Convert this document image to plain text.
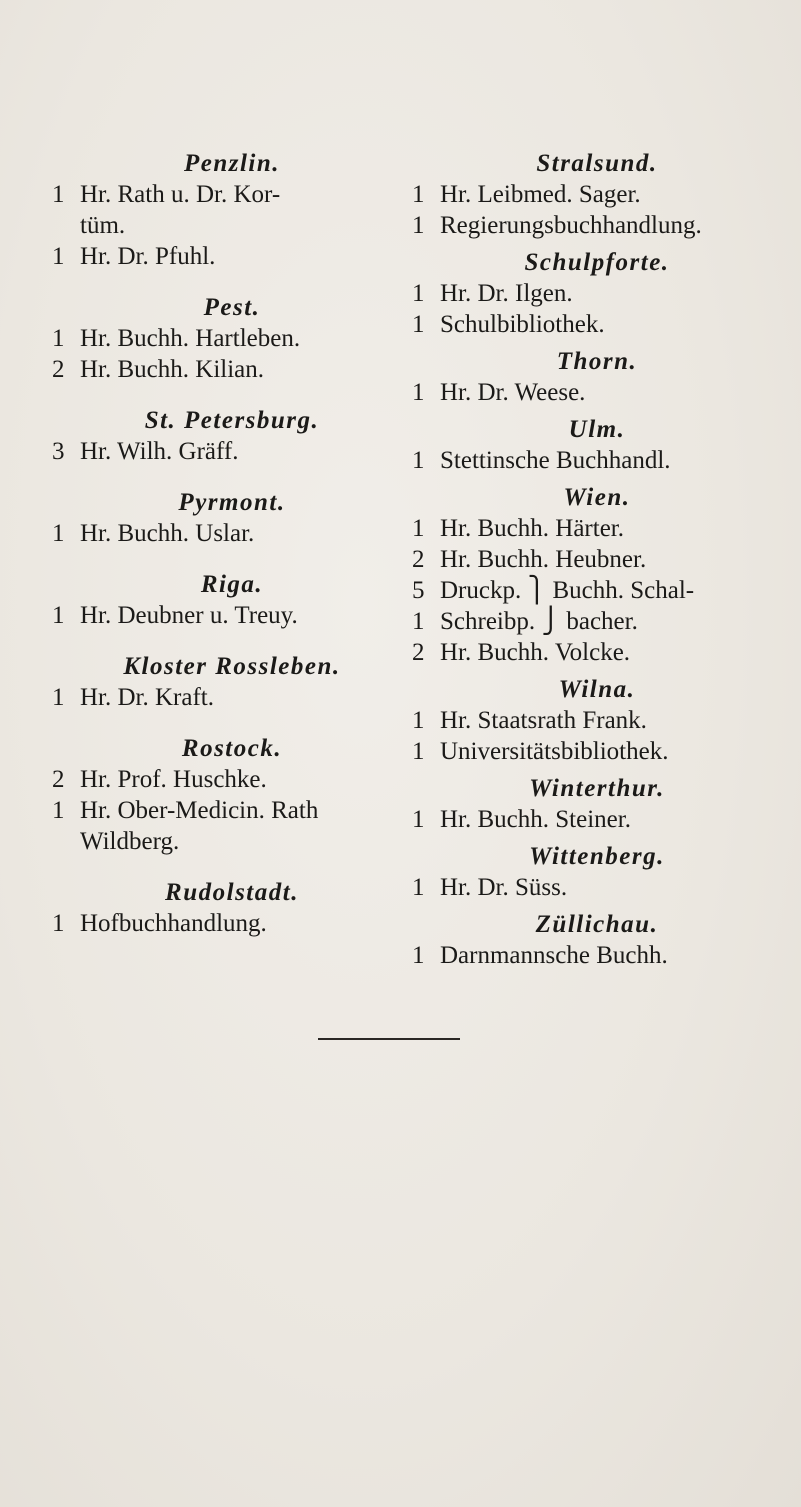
Penzlin.
1 Hr. Rath u. Dr. Kor-
tüm.
1 Hr. Dr. Pfuhl.
Pest.
1 Hr. Buchh. Hartleben.
2 Hr. Buchh. Kilian.
St. Petersburg.
3 Hr. Wilh. Gräff.
Pyrmont.
1 Hr. Buchh. Uslar.
Riga.
1 Hr. Deubner u. Treuy.
Kloster Rossleben.
1 Hr. Dr. Kraft.
Rostock.
2 Hr. Prof. Huschke.
1 Hr. Ober-Medicin. Rath
Wildberg.
Rudolstadt.
1 Hofbuchhandlung.
Stralsund.
1 Hr. Leibmed. Sager.
1 Regierungsbuchhandlung.
Schulpforte.
1 Hr. Dr. Ilgen.
1 Schulbibliothek.
Thorn.
1 Hr. Dr. Weese.
Ulm.
1 Stettinsche Buchhandl.
Wien.
1 Hr. Buchh. Härter.
2 Hr. Buchh. Heubner.
5 Druckp. ⎫ Buchh. Schal-
1 Schreibp. ⎭ bacher.
2 Hr. Buchh. Volcke.
Wilna.
1 Hr. Staatsrath Frank.
1 Universitätsbibliothek.
Winterthur.
1 Hr. Buchh. Steiner.
Wittenberg.
1 Hr. Dr. Süss.
Züllichau.
1 Darnmannsche Buchh.
